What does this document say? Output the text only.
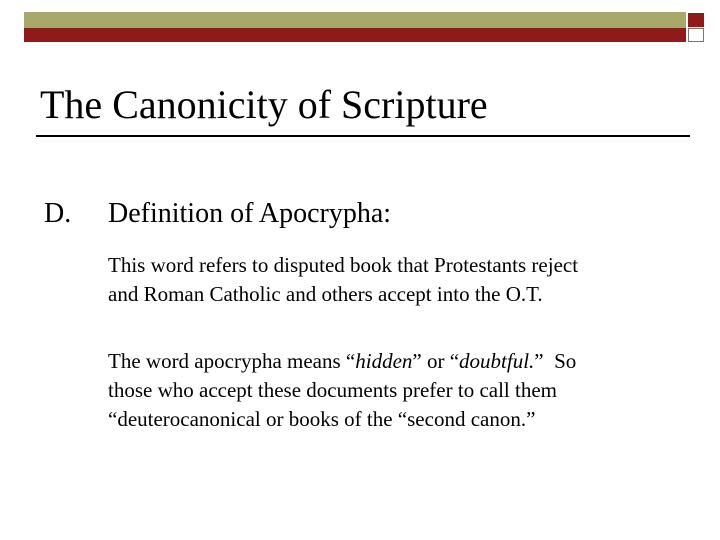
The Canonicity of Scripture
D. Definition of Apocrypha:
This word refers to disputed book that Protestants reject
and Roman Catholic and others accept into the O.T.
The word apocrypha means “hidden” or “doubtful.”  So
those who accept these documents prefer to call them
“deuterocanonical or books of the “second canon.”
